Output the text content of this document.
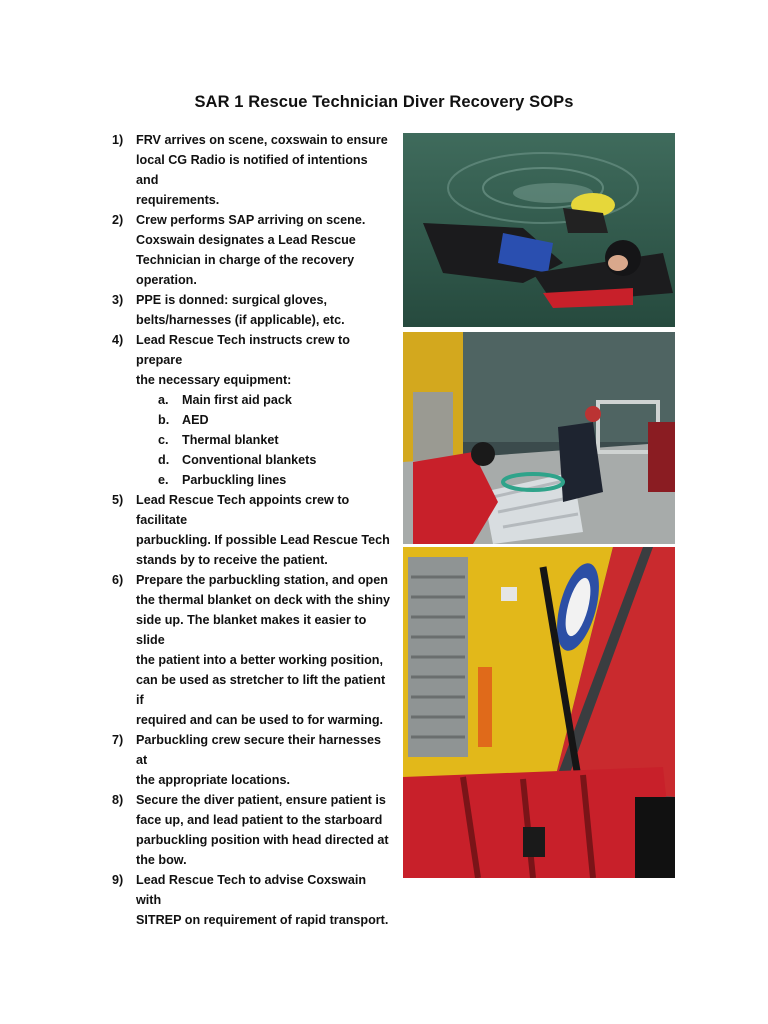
SAR 1 Rescue Technician Diver Recovery SOPs
1)	FRV arrives on scene, coxswain to ensure
local CG Radio is notified of intentions and
requirements.
2)	Crew performs SAP arriving on scene.
Coxswain designates a Lead Rescue
Technician in charge of the recovery
operation.
3)	PPE is donned: surgical gloves,
belts/harnesses (if applicable), etc.
4)	Lead Rescue Tech instructs crew to prepare
the necessary equipment:
a.	Main first aid pack
b.	AED
c.	Thermal blanket
d.	Conventional blankets
e.	Parbuckling lines
5)	Lead Rescue Tech appoints crew to facilitate
parbuckling. If possible Lead Rescue Tech
stands by to receive the patient.
6)	Prepare the parbuckling station, and open
the thermal blanket on deck with the shiny
side up. The blanket makes it easier to slide
the patient into a better working position,
can be used as stretcher to lift the patient if
required and can be used to for warming.
7)	Parbuckling crew secure their harnesses at
the appropriate locations.
8)	Secure the diver patient, ensure patient is
face up, and lead patient to the starboard
parbuckling position with head directed at
the bow.
9)	Lead Rescue Tech to advise Coxswain with
SITREP on requirement of rapid transport.
